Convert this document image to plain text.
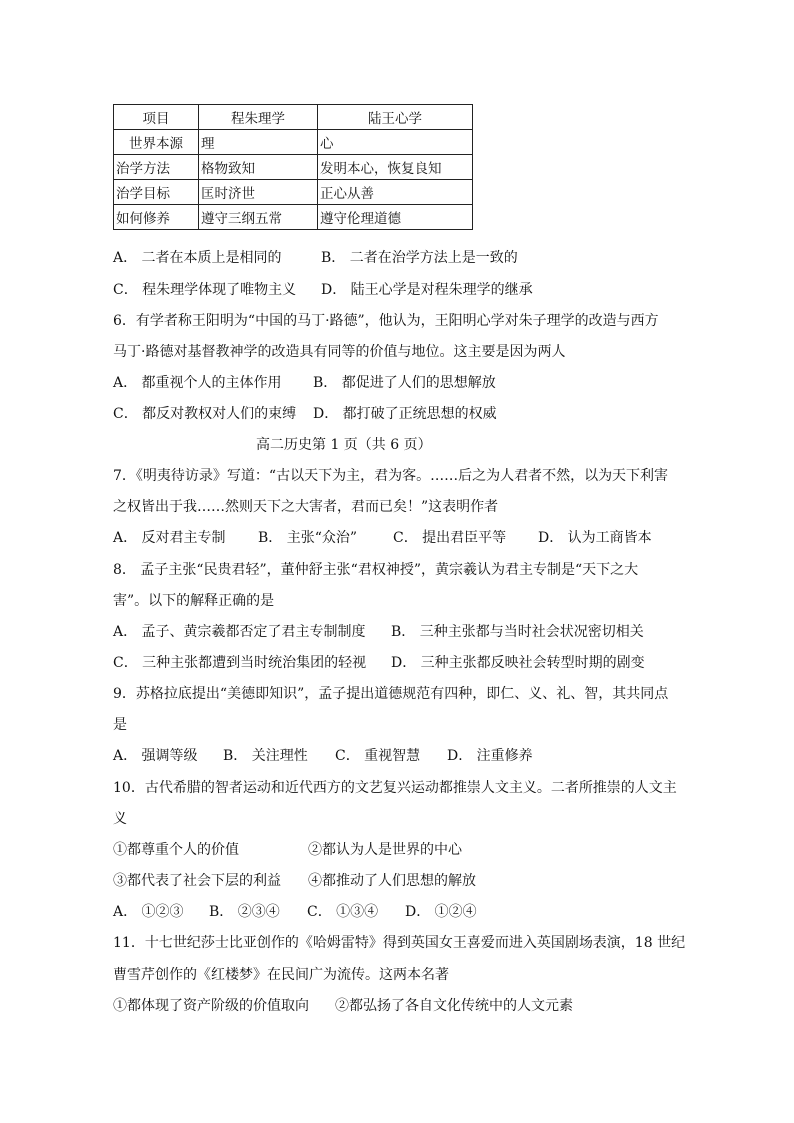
项目	程朱理学	陆王心学
世界本源	理	心
治学方法	格物致知	发明本心，恢复良知
治学目标	匡时济世	正心从善
如何修养	遵守三纲五常	遵守伦理道德
A． 二者在本质上是相同的	B． 二者在治学方法上是一致的
C． 程朱理学体现了唯物主义 D． 陆王心学是对程朱理学的继承
6．有学者称王阳明为“中国的马丁·路德”，他认为，王阳明心学对朱子理学的改造与西方
马丁·路德对基督教神学的改造具有同等的价值与地位。这主要是因为两人
A． 都重视个人的主体作用 B． 都促进了人们的思想解放
C． 都反对教权对人们的束缚 D． 都打破了正统思想的权威
高二历史第 1 页（共 6 页）
7．《明夷待访录》写道：“古以天下为主，君为客。……后之为人君者不然，以为天下利害
之权皆出于我……然则天下之大害者，君而已矣！”这表明作者
A． 反对君主专制 B． 主张“众治”	C． 提出君臣平等 D． 认为工商皆本
8． 孟子主张“民贵君轻”，董仲舒主张“君权神授”，黄宗羲认为君主专制是“天下之大
害”。以下的解释正确的是
A． 孟子、黄宗羲都否定了君主专制制度 B． 三种主张都与当时社会状况密切相关
C． 三种主张都遭到当时统治集团的轻视 D． 三种主张都反映社会转型时期的剧变
9．苏格拉底提出“美德即知识”，孟子提出道德规范有四种，即仁、义、礼、智，其共同点
是
A． 强调等级 B． 关注理性 C． 重视智慧 D． 注重修养
10．古代希腊的智者运动和近代西方的文艺复兴运动都推崇人文主义。二者所推崇的人文主
义
①都尊重个人的价值	②都认为人是世界的中心
③都代表了社会下层的利益 ④都推动了人们思想的解放
A． ①②③ B． ②③④ C． ①③④ D． ①②④
11．十七世纪莎士比亚创作的《哈姆雷特》得到英国女王喜爱而进入英国剧场表演，18 世纪
曹雪芹创作的《红楼梦》在民间广为流传。这两本名著
①都体现了资产阶级的价值取向 ②都弘扬了各自文化传统中的人文元素
